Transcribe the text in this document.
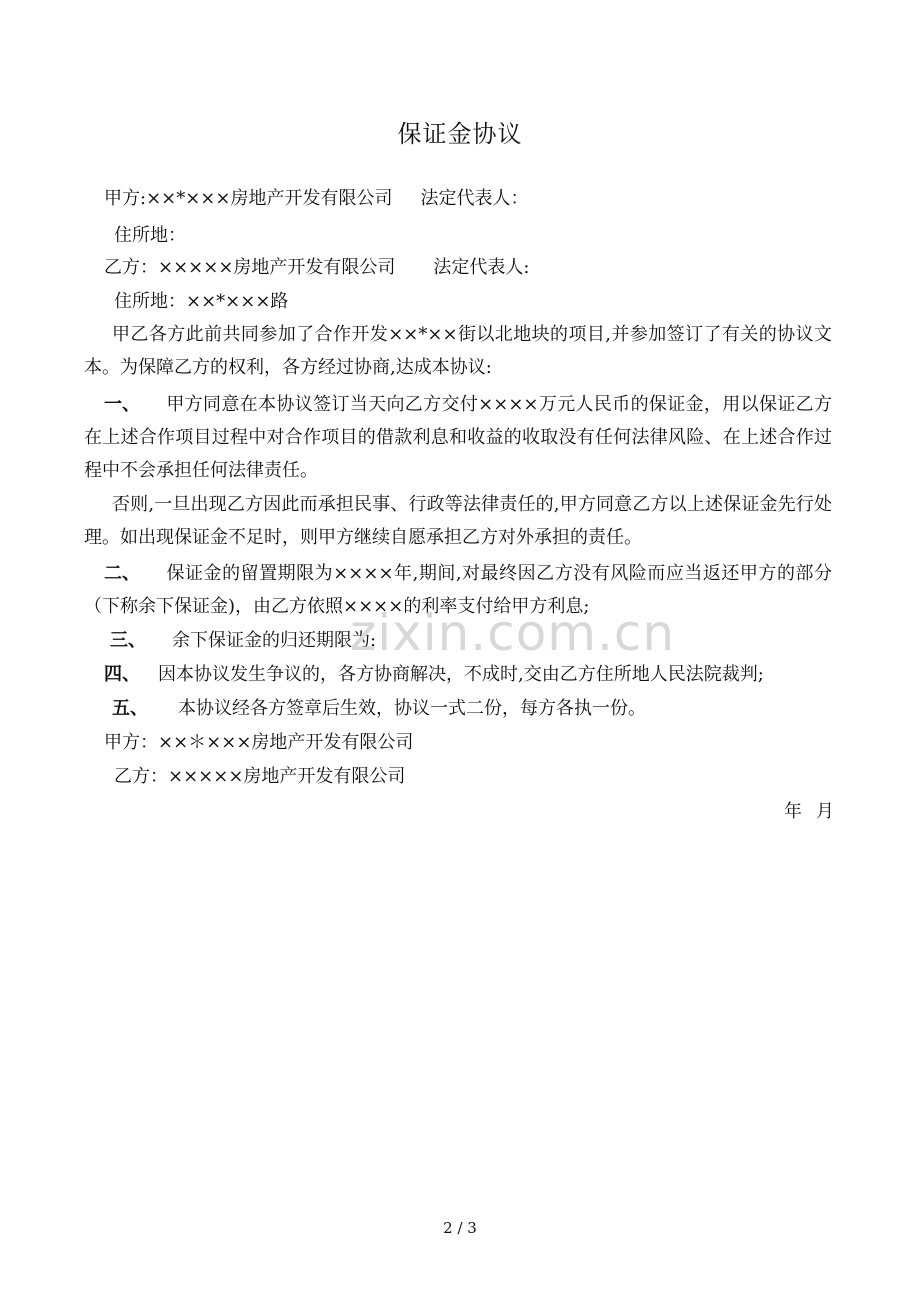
保证金协议
甲方:××*×××房地产开发有限公司 法定代表人：
住所地：
乙方：×××××房地产开发有限公司 法定代表人:
住所地：××*×××路
甲乙各方此前共同参加了合作开发××*××街以北地块的项目,并参加签订了有关的协议文本。为保障乙方的权利，各方经过协商,达成本协议:
一、 甲方同意在本协议签订当天向乙方交付××××万元人民币的保证金，用以保证乙方在上述合作项目过程中对合作项目的借款利息和收益的收取没有任何法律风险、在上述合作过程中不会承担任何法律责任。
否则,一旦出现乙方因此而承担民事、行政等法律责任的,甲方同意乙方以上述保证金先行处理。如出现保证金不足时，则甲方继续自愿承担乙方对外承担的责任。
二、 保证金的留置期限为××××年,期间,对最终因乙方没有风险而应当返还甲方的部分（下称余下保证金)，由乙方依照××××的利率支付给甲方利息;
三、 余下保证金的归还期限为:
四、 因本协议发生争议的，各方协商解决，不成时,交由乙方住所地人民法院裁判;
五、 本协议经各方签章后生效，协议一式二份，每方各执一份。
甲方：××＊×××房地产开发有限公司
乙方：×××××房地产开发有限公司
年 月
zixin.com.cn
2 / 3
